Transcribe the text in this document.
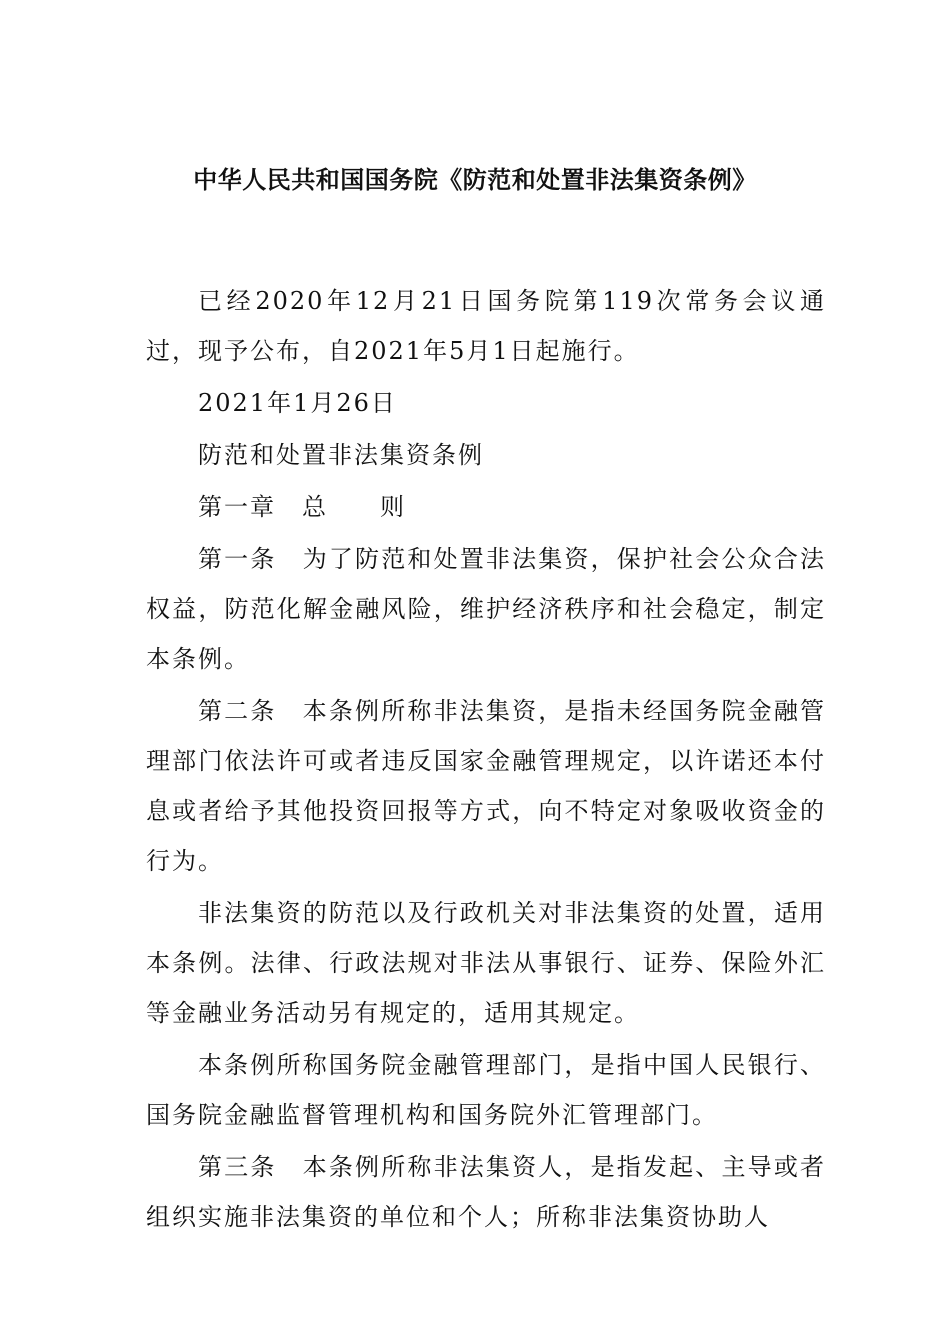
中华人民共和国国务院《防范和处置非法集资条例》

已经2020年12月21日国务院第119次常务会议通过，现予公布，自2021年5月1日起施行。

2021年1月26日

防范和处置非法集资条例

第一章　总　　则

第一条　为了防范和处置非法集资，保护社会公众合法权益，防范化解金融风险，维护经济秩序和社会稳定，制定本条例。

第二条　本条例所称非法集资，是指未经国务院金融管理部门依法许可或者违反国家金融管理规定，以许诺还本付息或者给予其他投资回报等方式，向不特定对象吸收资金的行为。

非法集资的防范以及行政机关对非法集资的处置，适用本条例。法律、行政法规对非法从事银行、证券、保险外汇等金融业务活动另有规定的，适用其规定。

本条例所称国务院金融管理部门，是指中国人民银行、国务院金融监督管理机构和国务院外汇管理部门。

第三条　本条例所称非法集资人，是指发起、主导或者组织实施非法集资的单位和个人；所称非法集资协助人
